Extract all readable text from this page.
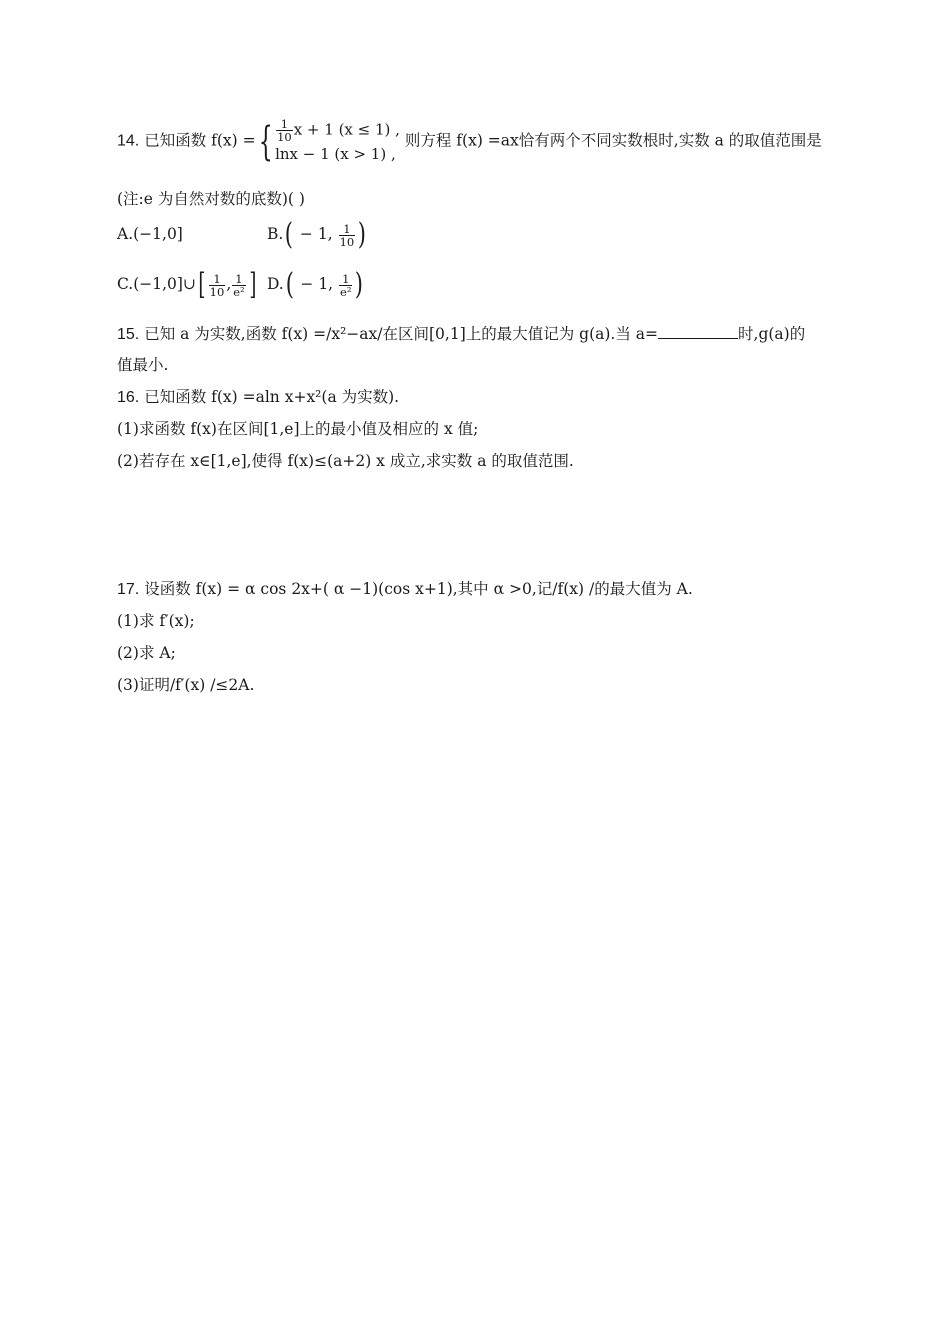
14. 已知函数 f(x) ={ $\frac{1}{10}$ x + 1 (x ≤ 1) ,
lnx − 1 (x > 1) ,
则方程 f(x) =ax恰有两个不同实数根时,实数 a 的取值范围是
(注:e 为自然对数的底数)( )
A.(−1,0]	B.( − 1, $\frac{1}{10}$ )
C.(−1,0]∪[ $\frac{1}{10}$ , $\frac{1}{\text{e²}}$ ] D.( − 1, $\frac{1}{\text{e²}}$ )
15. 已知 a 为实数,函数 f(x) =/x²−ax/在区间[0,1]上的最大值记为 g(a).当 a=	时,g(a)的
值最小.
16. 已知函数 f(x) =aln x+x²(a 为实数).
(1)求函数 f(x)在区间[1,e]上的最小值及相应的 x 值;
(2)若存在 x∈[1,e],使得 f(x)≤(a+2) x 成立,求实数 a 的取值范围.
17. 设函数 f(x) = α cos 2x+( α −1)(cos x+1),其中 α >0,记/f(x) /的最大值为 A.
(1)求 f′(x);
(2)求 A;
(3)证明/f′(x) /≤2A.
